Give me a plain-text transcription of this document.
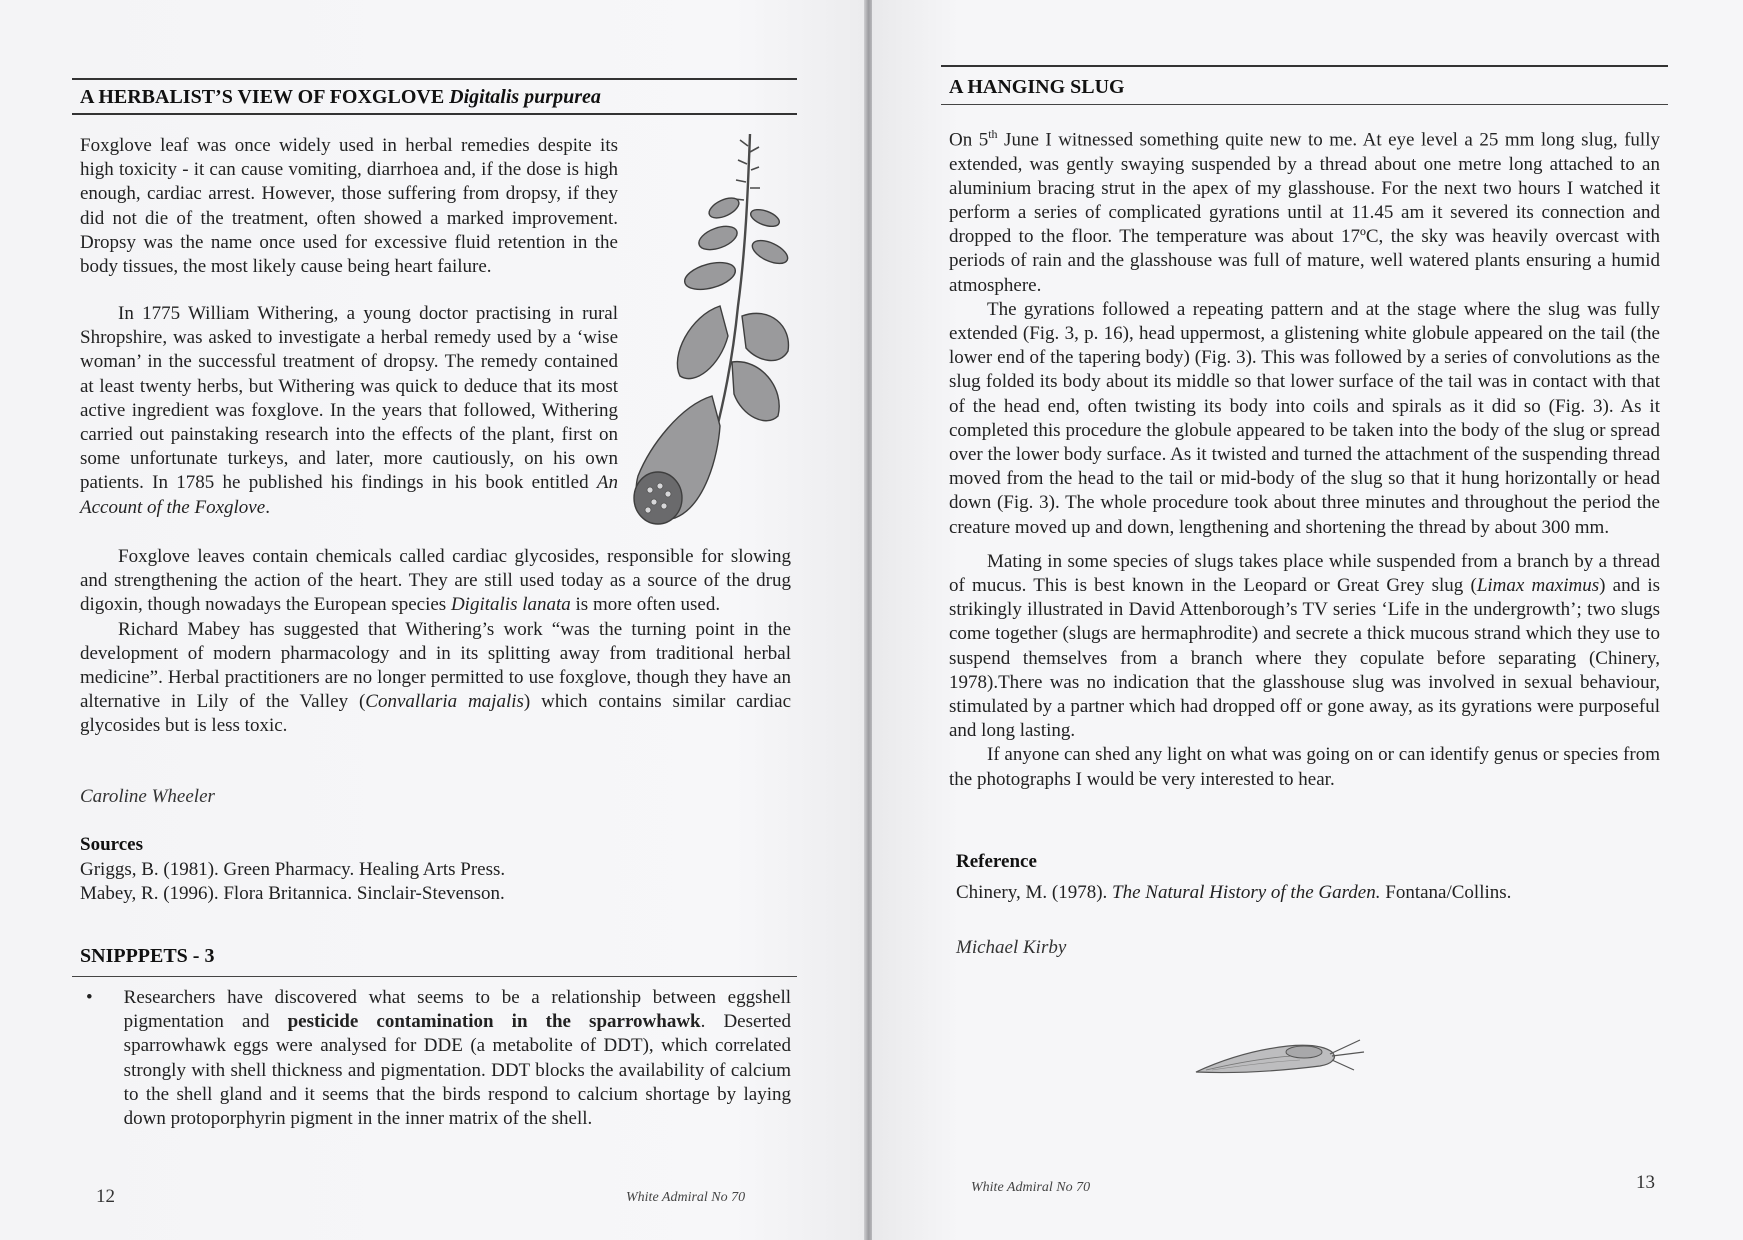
A HERBALIST’S VIEW OF FOXGLOVE Digitalis purpurea

Foxglove leaf was once widely used in herbal remedies despite its high toxicity - it can cause vomiting, diarrhoea and, if the dose is high enough, cardiac arrest. However, those suffering from dropsy, if they did not die of the treatment, often showed a marked improvement. Dropsy was the name once used for excessive fluid retention in the body tissues, the most likely cause being heart failure.

In 1775 William Withering, a young doctor practising in rural Shropshire, was asked to investigate a herbal remedy used by a ‘wise woman’ in the successful treatment of dropsy. The remedy contained at least twenty herbs, but Withering was quick to deduce that its most active ingredient was foxglove. In the years that followed, Withering carried out painstaking research into the effects of the plant, first on some unfortunate turkeys, and later, more cautiously, on his own patients. In 1785 he published his findings in his book entitled An Account of the Foxglove.

Foxglove leaves contain chemicals called cardiac glycosides, responsible for slowing and strengthening the action of the heart. They are still used today as a source of the drug digoxin, though nowadays the European species Digitalis lanata is more often used.

Richard Mabey has suggested that Withering’s work “was the turning point in the development of modern pharmacology and in its splitting away from traditional herbal medicine”. Herbal practitioners are no longer permitted to use foxglove, though they have an alternative in Lily of the Valley (Convallaria majalis) which contains similar cardiac glycosides but is less toxic.

Caroline Wheeler
Sources
Griggs, B. (1981). Green Pharmacy. Healing Arts Press.
Mabey, R. (1996). Flora Britannica. Sinclair-Stevenson.
SNIPPPETS - 3
•	Researchers have discovered what seems to be a relationship between eggshell pigmentation and pesticide contamination in the sparrowhawk. Deserted sparrowhawk eggs were analysed for DDE (a metabolite of DDT), which correlated strongly with shell thickness and pigmentation. DDT blocks the availability of calcium to the shell gland and it seems that the birds respond to calcium shortage by laying down protoporphyrin pigment in the inner matrix of the shell.

12	White Admiral No 70
A HANGING SLUG

On 5th June I witnessed something quite new to me. At eye level a 25 mm long slug, fully extended, was gently swaying suspended by a thread about one metre long attached to an aluminium bracing strut in the apex of my glasshouse. For the next two hours I watched it perform a series of complicated gyrations until at 11.45 am it severed its connection and dropped to the floor. The temperature was about 17ºC, the sky was heavily overcast with periods of rain and the glasshouse was full of mature, well watered plants ensuring a humid atmosphere.

The gyrations followed a repeating pattern and at the stage where the slug was fully extended (Fig. 3, p. 16), head uppermost, a glistening white globule appeared on the tail (the lower end of the tapering body) (Fig. 3). This was followed by a series of convolutions as the slug folded its body about its middle so that lower surface of the tail was in contact with that of the head end, often twisting its body into coils and spirals as it did so (Fig. 3). As it completed this procedure the globule appeared to be taken into the body of the slug or spread over the lower body surface. As it twisted and turned the attachment of the suspending thread moved from the head to the tail or mid-body of the slug so that it hung horizontally or head down (Fig. 3). The whole procedure took about three minutes and throughout the period the creature moved up and down, lengthening and shortening the thread by about 300 mm.

Mating in some species of slugs takes place while suspended from a branch by a thread of mucus. This is best known in the Leopard or Great Grey slug (Limax maximus) and is strikingly illustrated in David Attenborough’s TV series ‘Life in the undergrowth’; two slugs come together (slugs are hermaphrodite) and secrete a thick mucous strand which they use to suspend themselves from a branch where they copulate before separating (Chinery, 1978).There was no indication that the glasshouse slug was involved in sexual behaviour, stimulated by a partner which had dropped off or gone away, as its gyrations were purposeful and long lasting.

If anyone can shed any light on what was going on or can identify genus or species from the photographs I would be very interested to hear.

Reference
Chinery, M. (1978). The Natural History of the Garden. Fontana/Collins.
Michael Kirby
White Admiral No 70	13
